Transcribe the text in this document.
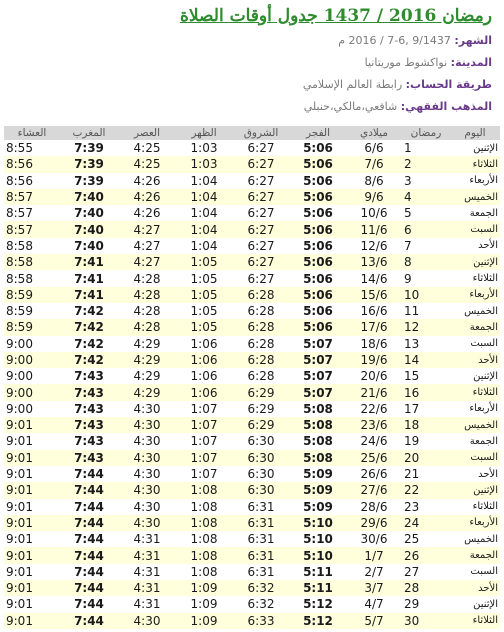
رمضان 2016 / 1437 جدول أوقات الصلاة
الشهر: 9/1437 ,6-7 / 2016 م
المدينة: نواكشوط موريتانيا
طريقة الحساب: رابطة العالم الإسلامي
المذهب الفقهي: شافعي،مالكي،حنبلي
العشاء	المغرب	العصر	الظهر	الشروق	الفجر	ميلادي	رمضان	اليوم
8:55	7:39	4:25	1:03	6:27	5:06	6/6	1	الإثنين
8:56	7:39	4:25	1:03	6:27	5:06	7/6	2	الثلاثاء
8:56	7:39	4:26	1:04	6:27	5:06	8/6	3	الأربعاء
8:57	7:40	4:26	1:04	6:27	5:06	9/6	4	الخميس
8:57	7:40	4:26	1:04	6:27	5:06	10/6	5	الجمعة
8:57	7:40	4:27	1:04	6:27	5:06	11/6	6	السبت
8:58	7:40	4:27	1:04	6:27	5:06	12/6	7	الأحد
8:58	7:41	4:27	1:05	6:27	5:06	13/6	8	الإثنين
8:58	7:41	4:28	1:05	6:27	5:06	14/6	9	الثلاثاء
8:59	7:41	4:28	1:05	6:28	5:06	15/6	10	الأربعاء
8:59	7:42	4:28	1:05	6:28	5:06	16/6	11	الخميس
8:59	7:42	4:28	1:05	6:28	5:06	17/6	12	الجمعة
9:00	7:42	4:29	1:06	6:28	5:07	18/6	13	السبت
9:00	7:42	4:29	1:06	6:28	5:07	19/6	14	الأحد
9:00	7:43	4:29	1:06	6:28	5:07	20/6	15	الإثنين
9:00	7:43	4:29	1:06	6:29	5:07	21/6	16	الثلاثاء
9:00	7:43	4:30	1:07	6:29	5:08	22/6	17	الأربعاء
9:01	7:43	4:30	1:07	6:29	5:08	23/6	18	الخميس
9:01	7:43	4:30	1:07	6:30	5:08	24/6	19	الجمعة
9:01	7:43	4:30	1:07	6:30	5:08	25/6	20	السبت
9:01	7:44	4:30	1:07	6:30	5:09	26/6	21	الأحد
9:01	7:44	4:30	1:08	6:30	5:09	27/6	22	الإثنين
9:01	7:44	4:30	1:08	6:31	5:09	28/6	23	الثلاثاء
9:01	7:44	4:30	1:08	6:31	5:10	29/6	24	الأربعاء
9:01	7:44	4:31	1:08	6:31	5:10	30/6	25	الخميس
9:01	7:44	4:31	1:08	6:31	5:10	1/7	26	الجمعة
9:01	7:44	4:31	1:08	6:31	5:11	2/7	27	السبت
9:01	7:44	4:31	1:09	6:32	5:11	3/7	28	الأحد
9:01	7:44	4:31	1:09	6:32	5:12	4/7	29	الإثنين
9:01	7:44	4:30	1:09	6:33	5:12	5/7	30	الثلاثاء
